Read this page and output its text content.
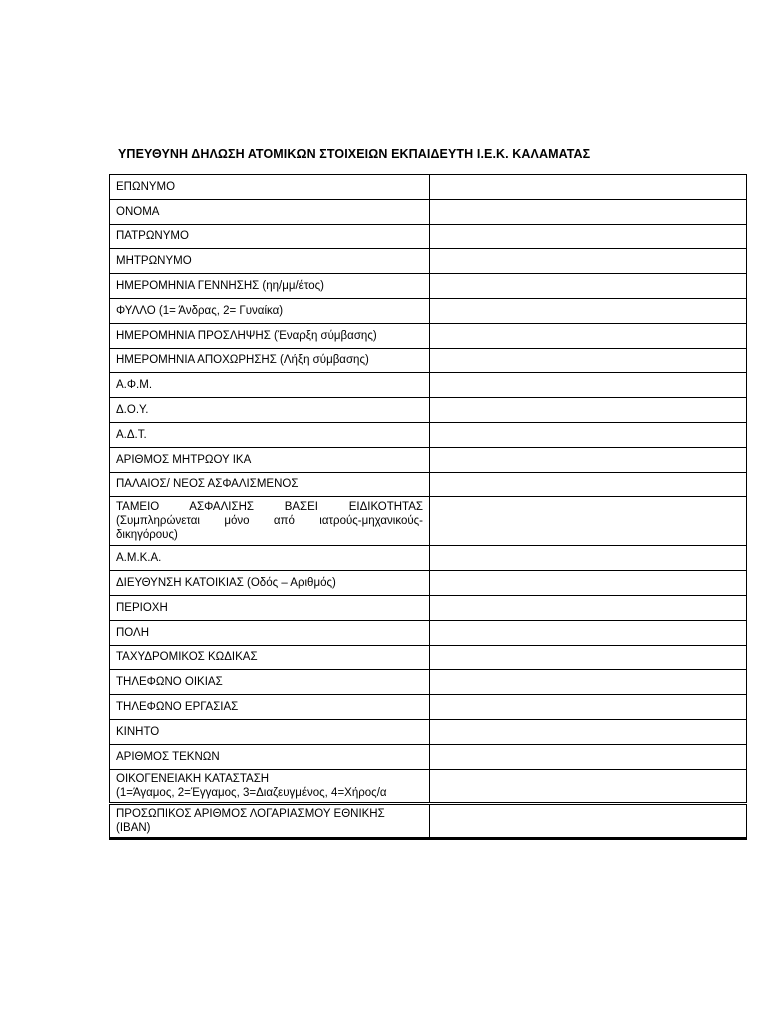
ΥΠΕΥΘΥΝΗ ΔΗΛΩΣΗ ΑΤΟΜΙΚΩΝ ΣΤΟΙΧΕΙΩΝ ΕΚΠΑΙΔΕΥΤΗ Ι.Ε.Κ. ΚΑΛΑΜΑΤΑΣ
ΕΠΩΝΥΜΟ	
ΟΝΟΜΑ	
ΠΑΤΡΩΝΥΜΟ	
ΜΗΤΡΩΝΥΜΟ	
ΗΜΕΡΟΜΗΝΙΑ ΓΕΝΝΗΣΗΣ (ηη/μμ/έτος)	
ΦΥΛΛΟ (1= Άνδρας, 2= Γυναίκα)	
ΗΜΕΡΟΜΗΝΙΑ ΠΡΟΣΛΗΨΗΣ (Έναρξη σύμβασης)	
ΗΜΕΡΟΜΗΝΙΑ ΑΠΟΧΩΡΗΣΗΣ (Λήξη σύμβασης)	
Α.Φ.Μ.	
Δ.Ο.Υ.	
Α.Δ.Τ.	
ΑΡΙΘΜΟΣ ΜΗΤΡΩΟΥ ΙΚΑ	
ΠΑΛΑΙΟΣ/ ΝΕΟΣ ΑΣΦΑΛΙΣΜΕΝΟΣ	

ΤΑΜΕΙΟ ΑΣΦΑΛΙΣΗΣ ΒΑΣΕΙ ΕΙΔΙΚΟΤΗΤΑΣ
(Συμπληρώνεται μόνο από ιατρούς-μηχανικούς-
δικηγόρους)	

Α.Μ.Κ.Α.	
ΔΙΕΥΘΥΝΣΗ ΚΑΤΟΙΚΙΑΣ (Οδός – Αριθμός)	
ΠΕΡΙΟΧΗ	
ΠΟΛΗ	
ΤΑΧΥΔΡΟΜΙΚΟΣ ΚΩΔΙΚΑΣ	
ΤΗΛΕΦΩΝΟ ΟΙΚΙΑΣ	
ΤΗΛΕΦΩΝΟ ΕΡΓΑΣΙΑΣ	
ΚΙΝΗΤΟ	
ΑΡΙΘΜΟΣ ΤΕΚΝΩΝ	

ΟΙΚΟΓΕΝΕΙΑΚΗ ΚΑΤΑΣΤΑΣΗ
(1=Άγαμος, 2=Έγγαμος, 3=Διαζευγμένος, 4=Χήρος/α	

ΠΡΟΣΩΠΙΚΟΣ ΑΡΙΘΜΟΣ ΛΟΓΑΡΙΑΣΜΟΥ ΕΘΝΙΚΗΣ
(IBAN)	
